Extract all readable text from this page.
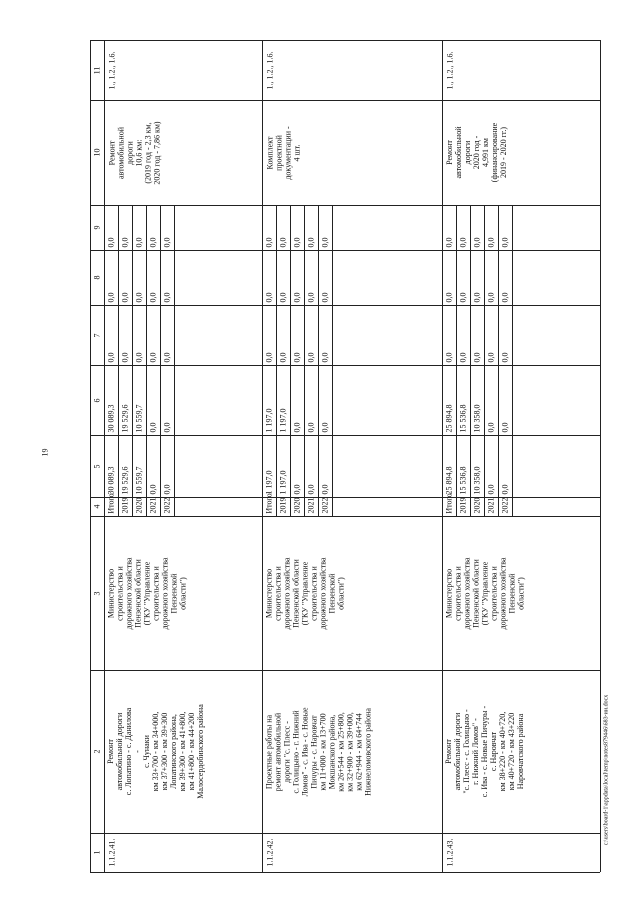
1
2
3
4
5
6
7
8
9
10
11
1.1.2.41.
Ремонт автомобильной дороги с. Лопатино - с. Данилова - с. Чунаки км 33+700 - км 34+000, км 37+300 - км 39+300 Лопатинского района, км 39+300 - км 41+800, км 41+800 - км 44+200 Малосердобинского района
Министерство строительства и дорожного хозяйства Пензенской области (ГКУ "Управление строительства и дорожного хозяйства Пензенской области")
Итого 2019 2020 2021 2022
30 089,3 19 529,6 10 559,7 0,0 0,0
30 089,3 19 529,6 10 559,7 0,0 0,0
0,0 0,0 0,0 0,0 0,0
0,0 0,0 0,0 0,0 0,0
0,0 0,0 0,0 0,0 0,0
Ремонт автомобильной дороги 10,6 км: (2019 год - 2,3 км, 2020 год - 7,86 км)
1., 1.2., 1.6.
1.1.2.42.
Проектные работы на ремонт автомобильной дороги "с. Плесс - с. Голицыно - г. Нижний Ломов" - с. Ива - с. Новые Пичуры - с. Наровчат км 11+000 - км 13+700 Мокшанского района, км 26+544 - км 25+800, км 32+900 - км 39+000, км 62+944 - км 64+744 Нижнеломовского района
Министерство строительства и дорожного хозяйства Пензенской области (ГКУ "Управление строительства и дорожного хозяйства Пензенской области")
Итого 2019 2020 2021 2022
1 197,0 1 197,0 0,0 0,0 0,0
1 197,0 1 197,0 0,0 0,0 0,0
0,0 0,0 0,0 0,0 0,0
0,0 0,0 0,0 0,0 0,0
0,0 0,0 0,0 0,0 0,0
Комплект проектной документации - 4 шт.
1., 1.2., 1.6.
1.1.2.43.
Ремонт автомобильной дороги "с. Плесс - с. Голицыно - г. Нижний Ломов" - с. Ива - с. Новые Пичуры - с. Наровчат км 38+220 - км 40+720, км 40+720 - км 43+220 Наровчатского района
Министерство строительства и дорожного хозяйства Пензенской области (ГКУ "Управление строительства и дорожного хозяйства Пензенской области")
Итого 2019 2020 2021 2022
25 894,8 15 536,8 10 358,0 0,0 0,0
25 894,8 15 536,8 10 358,0 0,0 0,0
0,0 0,0 0,0 0,0 0,0
0,0 0,0 0,0 0,0 0,0
0,0 0,0 0,0 0,0 0,0
Ремонт автомобильной дороги 2020 год - 4,991 км (финансирование 2019 - 2020 гг.)
1., 1.2., 1.6.
19
c:\users\board-1\appdata\local\temp\notes879446\683-ии.docx
